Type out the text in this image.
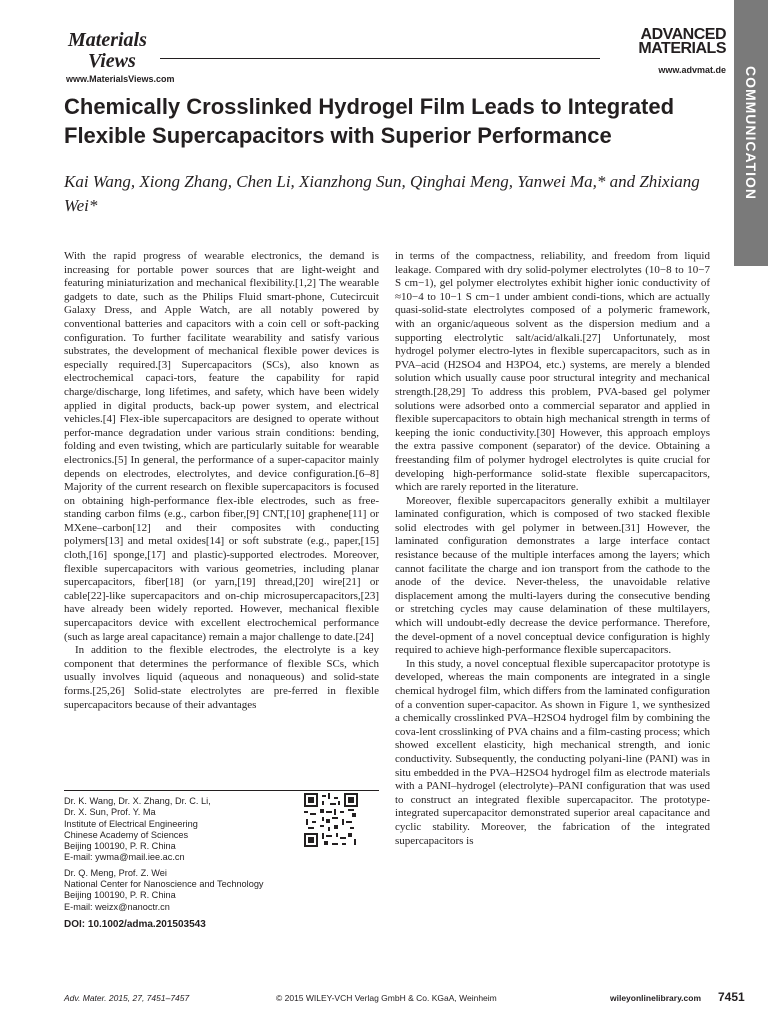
Materials
Views
www.MaterialsViews.com
ADVANCED
MATERIALS
www.advmat.de COMMUNICATION
Chemically Crosslinked Hydrogel Film Leads to Integrated Flexible Supercapacitors with Superior Performance
Kai Wang, Xiong Zhang, Chen Li, Xianzhong Sun, Qinghai Meng, Yanwei Ma,* and Zhixiang Wei*

With the rapid progress of wearable electronics, the demand is increasing for portable power sources that are light-weight and featuring miniaturization and mechanical flexibility.[1,2] The wearable gadgets to date, such as the Philips Fluid smart-phone, Cutecircuit Galaxy Dress, and Apple Watch, are all notably powered by conventional batteries and capacitors with a coin cell or soft-packing configuration. To further facilitate wearability and satisfy various substrates, the development of mechanical flexible power devices is especially required.[3] Supercapacitors (SCs), also known as electrochemical capaci-tors, feature the capability for rapid charge/discharge, long lifetimes, and safety, which have been widely applied in digital products, back-up power system, and electrical vehicles.[4] Flex-ible supercapacitors are designed to operate without perfor-mance degradation under various strain conditions: bending, folding and even twisting, which are particularly suitable for wearable electronics.[5] In general, the performance of a super-capacitor mainly depends on electrodes, electrolytes, and device configuration.[6–8] Majority of the current research on flexible supercapacitors is focused on obtaining high-performance flex-ible electrodes, such as free-standing carbon films (e.g., carbon fiber,[9] CNT,[10] graphene[11] or MXene–carbon[12] and their composites with conducting polymers[13] and metal oxides[14] or soft substrate (e.g., paper,[15] cloth,[16] sponge,[17] and plastic)-supported electrodes. Moreover, flexible supercapacitors with various geometries, including planar supercapacitors, fiber[18] (or yarn,[19] thread,[20] wire[21] or cable[22]-like supercapacitors and on-chip microsupercapacitors,[23] have already been widely reported. However, mechanical flexible supercapacitors device with excellent electrochemical performance (such as large areal capacitance) remain a major challenge to date.[24]

In addition to the flexible electrodes, the electrolyte is a key component that determines the performance of flexible SCs, which usually involves liquid (aqueous and nonaqueous) and solid-state forms.[25,26] Solid-state electrolytes are pre-ferred in flexible supercapacitors because of their advantages

in terms of the compactness, reliability, and freedom from liquid leakage. Compared with dry solid-polymer electrolytes (10−8 to 10−7 S cm−1), gel polymer electrolytes exhibit higher ionic conductivity of ≈10−4 to 10−1 S cm−1 under ambient condi-tions, which are actually quasi-solid-state electrolytes composed of a polymeric framework, with an organic/aqueous solvent as the dispersion medium and a supporting electrolytic salt/acid/alkali.[27] Unfortunately, most hydrogel polymer electro-lytes in flexible supercapacitors, such as in PVA–acid (H2SO4 and H3PO4, etc.) systems, are merely a blended solution which usually cause poor structural integrity and mechanical strength.[28,29] To address this problem, PVA-based gel polymer solutions were adsorbed onto a commercial separator and applied in flexible supercapacitors to obtain high mechanical strength in terms of keeping the ionic conductivity.[30] However, this approach employs the extra passive component (separator) of the device. Obtaining a freestanding film of polymer hydrogel electrolytes is quite crucial for developing high-performance solid-state flexible supercapacitors, which are rarely reported in the literature.

Moreover, flexible supercapacitors generally exhibit a multilayer laminated configuration, which is composed of two stacked flexible solid electrodes with gel polymer in between.[31] However, the laminated configuration demonstrates a large interface contact resistance because of the multiple interfaces among the layers; which cannot facilitate the charge and ion transport from the cathode to the anode of the device. Never-theless, the unavoidable relative displacement among the multi-layers during the consecutive bending or stretching cycles may cause delamination of these multilayers, which will undoubt-edly decrease the device performance. Therefore, the devel-opment of a novel conceptual device configuration is highly required to achieve high-performance flexible supercapacitors.

In this study, a novel conceptual flexible supercapacitor prototype is developed, whereas the main components are integrated in a single chemical hydrogel film, which differs from the laminated configuration of a convention super-capacitor. As shown in Figure 1, we synthesized a chemically crosslinked PVA–H2SO4 hydrogel film by combining the cova-lent crosslinking of PVA chains and a film-casting process; which showed excellent elasticity, high mechanical strength, and ionic conductivity. Subsequently, the conducting polyani-line (PANI) was in situ embedded in the PVA–H2SO4 hydrogel film as electrode materials with a PANI–hydrogel (electrolyte)–PANI configuration that was used to construct an integrated flexible supercapacitor. The prototype-integrated supercapacitor demonstrated superior areal capacitance and cyclic stability. Moreover, the fabrication of the integrated supercapacitors is

Dr. K. Wang, Dr. X. Zhang, Dr. C. Li,
Dr. X. Sun, Prof. Y. Ma
Institute of Electrical Engineering
Chinese Academy of Sciences
Beijing 100190, P. R. China
E-mail: ywma@mail.iee.ac.cn
Dr. Q. Meng, Prof. Z. Wei
National Center for Nanoscience and Technology
Beijing 100190, P. R. China
E-mail: weizx@nanoctr.cn
DOI: 10.1002/adma.201503543
Adv. Mater. 2015, 27, 7451–7457	© 2015 WILEY-VCH Verlag GmbH & Co. KGaA, Weinheim	wileyonlinelibrary.com 7451
